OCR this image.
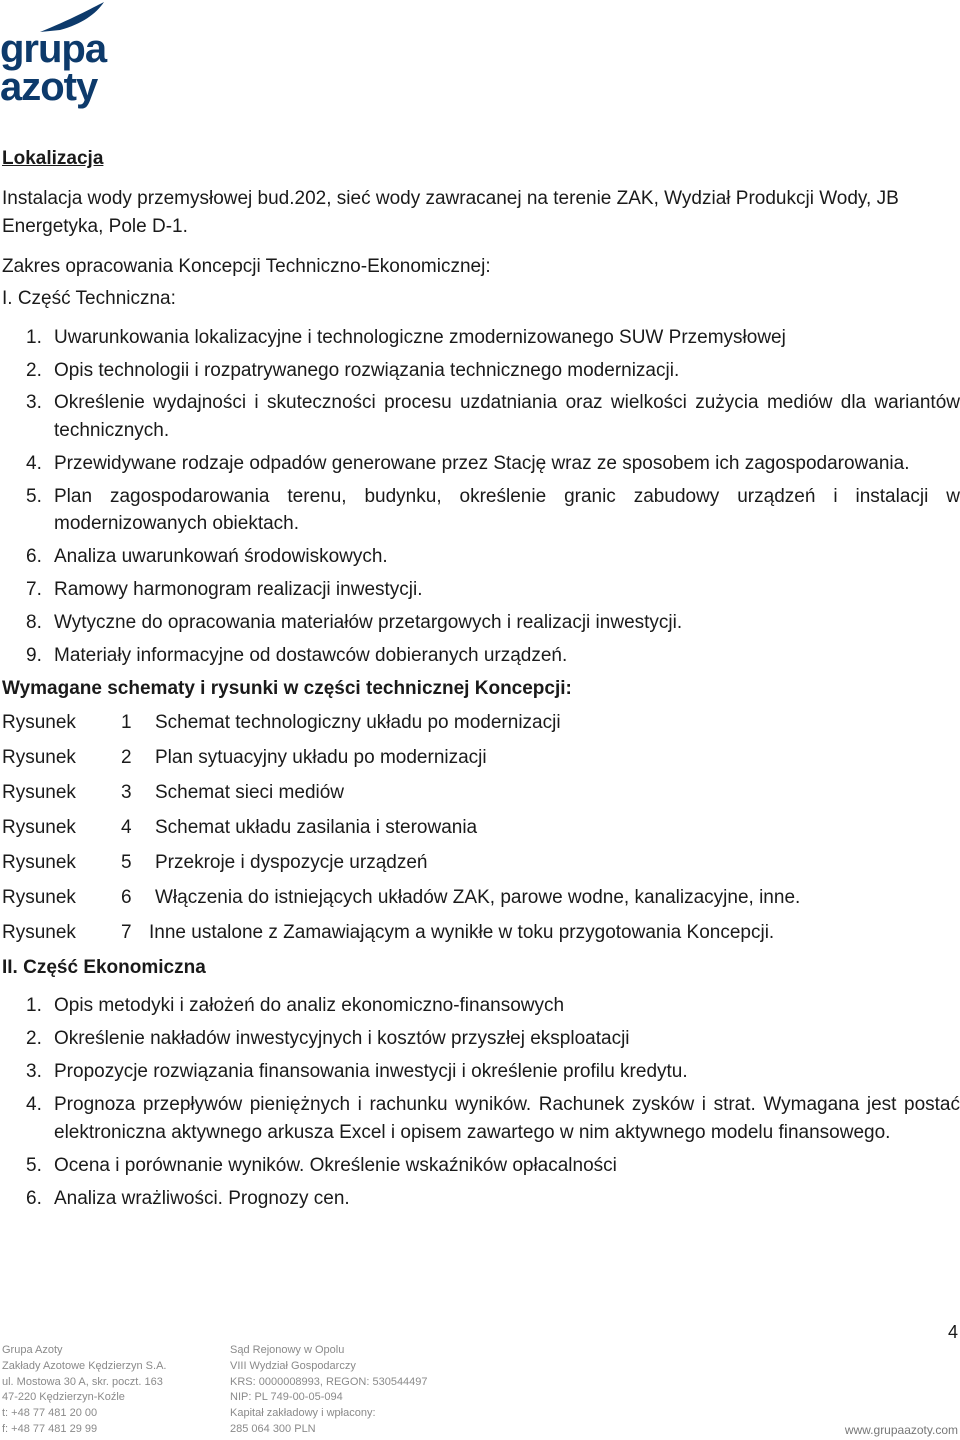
grupa
azoty
Lokalizacja
Instalacja wody przemysłowej bud.202, sieć wody zawracanej na terenie ZAK, Wydział Produkcji Wody, JB Energetyka, Pole D-1.
Zakres opracowania Koncepcji Techniczno-Ekonomicznej:
I. Część Techniczna:
1. Uwarunkowania lokalizacyjne i technologiczne zmodernizowanego SUW Przemysłowej
2. Opis technologii i rozpatrywanego rozwiązania technicznego modernizacji.
3. Określenie wydajności i skuteczności procesu uzdatniania oraz wielkości zużycia mediów dla wariantów technicznych.
4. Przewidywane rodzaje odpadów generowane przez Stację wraz ze sposobem ich zagospodarowania.
5. Plan zagospodarowania terenu, budynku, określenie granic zabudowy urządzeń i instalacji w modernizowanych obiektach.
6. Analiza uwarunkowań środowiskowych.
7. Ramowy harmonogram realizacji inwestycji.
8. Wytyczne do opracowania materiałów przetargowych i realizacji inwestycji.
9. Materiały informacyjne od dostawców dobieranych urządzeń.
Wymagane schematy i rysunki w części technicznej Koncepcji:
Rysunek	1	Schemat technologiczny układu po modernizacji
Rysunek	2	Plan sytuacyjny układu po modernizacji
Rysunek	3	Schemat sieci mediów
Rysunek	4	Schemat układu zasilania i sterowania
Rysunek	5	Przekroje i dyspozycje urządzeń
Rysunek	6	Włączenia do istniejących układów ZAK, parowe wodne, kanalizacyjne, inne.
Rysunek	7 Inne ustalone z Zamawiającym a wynikłe w toku przygotowania Koncepcji.
II. Część Ekonomiczna
1. Opis metodyki i założeń do analiz ekonomiczno-finansowych
2. Określenie nakładów inwestycyjnych i kosztów przyszłej eksploatacji
3. Propozycje rozwiązania finansowania inwestycji i określenie profilu kredytu.
4. Prognoza przepływów pieniężnych i rachunku wyników. Rachunek zysków i strat. Wymagana jest postać elektroniczna aktywnego arkusza Excel i opisem zawartego w nim aktywnego modelu finansowego.
5. Ocena i porównanie wyników. Określenie wskaźników opłacalności
6. Analiza wrażliwości. Prognozy cen.
4
Grupa Azoty
Zakłady Azotowe Kędzierzyn S.A.
ul. Mostowa 30 A, skr. poczt. 163
47-220 Kędzierzyn-Koźle
t: +48 77 481 20 00
f: +48 77 481 29 99
Sąd Rejonowy w Opolu
VIII Wydział Gospodarczy
KRS: 0000008993, REGON: 530544497
NIP: PL 749-00-05-094
Kapitał zakładowy i wpłacony:
285 064 300 PLN	www.grupaazoty.com
